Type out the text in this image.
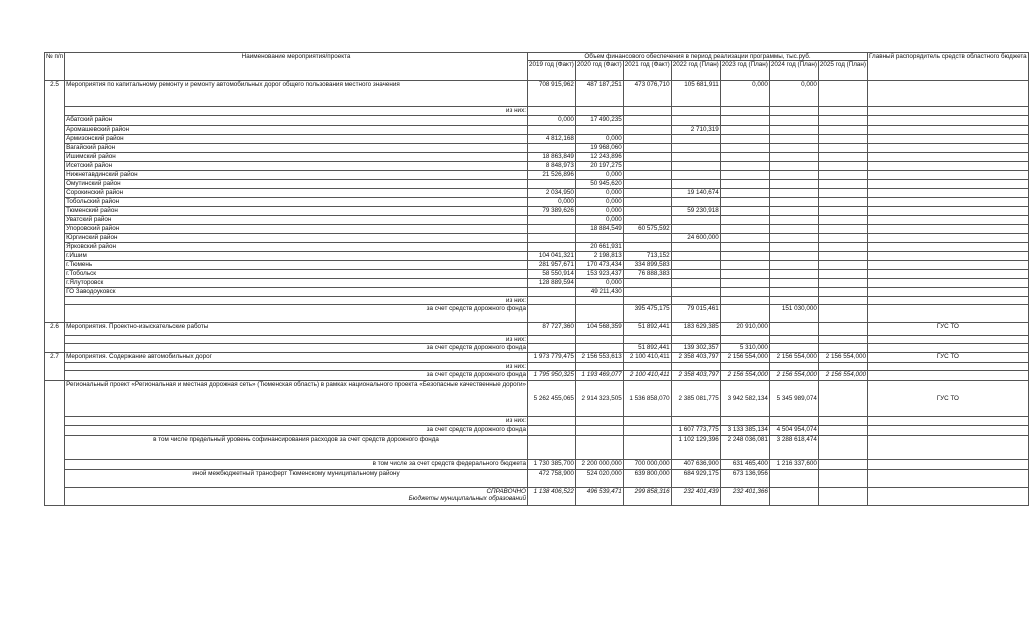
№ п/п	Наименование мероприятия/проекта	Объем финансового обеспечения в период реализации программы, тыс.руб.							Главный распорядитель средств областного бюджета
		2019 год (Факт)	2020 год (Факт)	2021 год (Факт)	2022 год (План)	2023 год (План)	2024 год (План)	2025 год (План)	
2.5	Мероприятия по капитальному ремонту и ремонту автомобильных дорог общего пользования местного значения	708 915,962	487 187,251	473 076,710	105 681,911	0,000	0,000		
	из них:								
	Абатский район	0,000	17 490,235						
	Аромашевский район				2 710,319				
	Армизонский район	4 812,168	0,000						
	Вагайский район		19 968,060						
	Ишимский район	18 863,849	12 243,896						
	Исетский район	8 848,973	20 197,275						
	Нижнетавдинский район	21 526,896	0,000						
	Омутинский район		50 945,620						
	Сорокинский район	2 034,950	0,000		19 140,674				
	Тобольский район	0,000	0,000						
	Тюменский район	79 389,626	0,000		59 230,918				
	Уватский район		0,000						
	Упоровский район		18 884,549	60 575,592					
	Юргинский район				24 600,000				
	Ярковский район		20 661,931						
	г.Ишим	104 041,321	2 198,813	713,152					
	г.Тюмень	281 957,671	170 473,434	334 899,583					
	г.Тобольск	58 550,914	153 923,437	76 888,383					
	г.Ялуторовск	128 889,594	0,000						
	ГО Заводоуковск		49 211,430						
	из них:								
	за счет средств дорожного фонда			395 475,175	79 015,461		151 030,000		
2.6	Мероприятия. Проектно-изыскательские работы	87 727,360	104 568,359	51 892,441	183 629,385	20 910,000			ГУС ТО
	из них:								
	за счет средств дорожного фонда			51 892,441	139 302,357	5 310,000			
2.7	Мероприятия. Содержание автомобильных дорог	1 973 779,475	2 156 553,613	2 100 410,411	2 358 403,797	2 156 554,000	2 156 554,000	2 156 554,000	ГУС ТО
	из них:								
	за счет средств дорожного фонда	1 795 950,325	1 193 469,077	2 100 410,411	2 358 403,797	2 156 554,000	2 156 554,000	2 156 554,000	
	Региональный проект «Региональная и местная дорожная сеть» (Тюменская область) в рамках национального проекта «Безопасные качественные дороги»	5 262 455,065	2 914 323,505	1 536 858,070	2 385 081,775	3 942 582,134	5 345 989,074		ГУС ТО
	из них:								
	за счет средств дорожного фонда				1 607 773,775	3 133 385,134	4 504 954,074		
	в том числе предельный уровень софинансирования расходов за счет средств дорожного фонда				1 102 129,396	2 248 036,081	3 288 618,474		
	в том числе за счет средств федерального бюджета	1 730 385,700	2 200 000,000	700 000,000	407 636,900	631 465,400	1 216 337,600		
	иной межбюджетный трансферт Тюменскому муниципальному району	472 758,900	524 020,000	639 800,000	684 929,175	673 136,956			

	СПРАВОЧНО
Бюджеты муниципальных образований	1 138 406,522	496 539,471	299 858,316	232 401,439	232 401,366			
